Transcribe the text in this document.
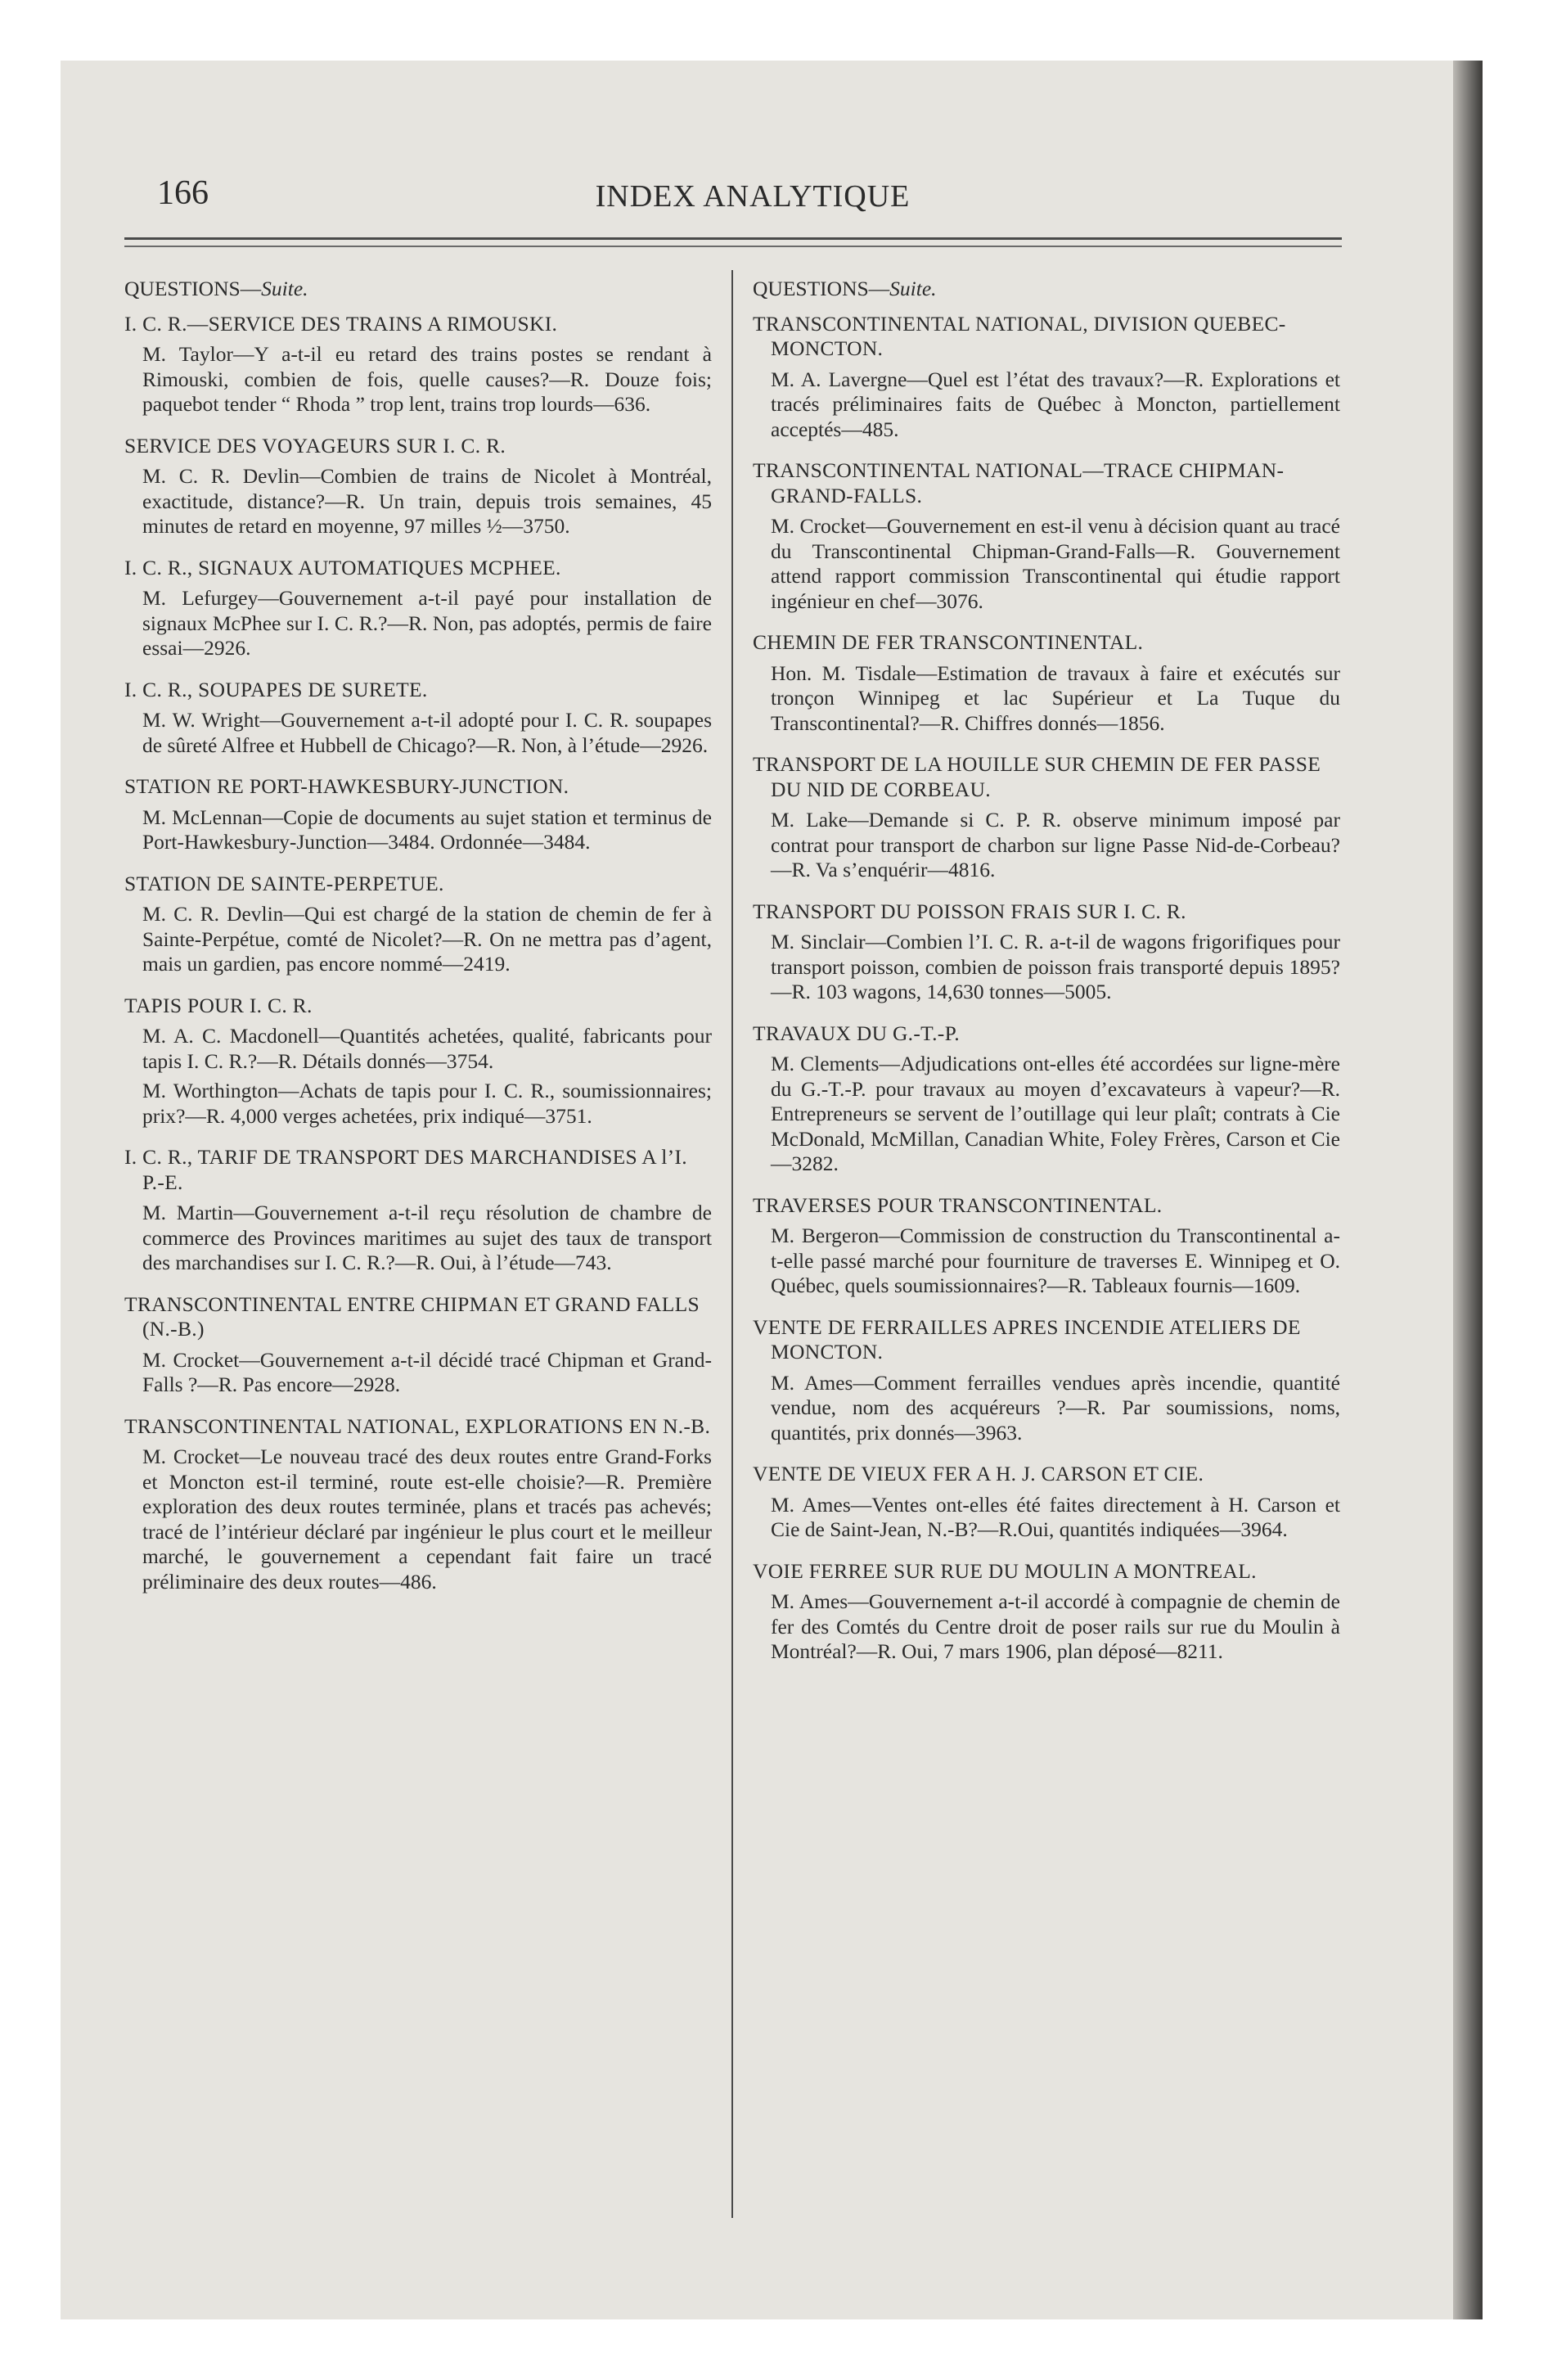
166	INDEX ANALYTIQUE
QUESTIONS—Suite.
I. C. R.—SERVICE DES TRAINS A RIMOUSKI.
M. Taylor—Y a-t-il eu retard des trains postes se rendant à Rimouski, combien de fois, quelle causes?—R. Douze fois; paquebot tender “ Rhoda ” trop lent, trains trop lourds—636.
SERVICE DES VOYAGEURS SUR I. C. R.
M. C. R. Devlin—Combien de trains de Nicolet à Montréal, exactitude, distance?—R. Un train, depuis trois semaines, 45 minutes de retard en moyenne, 97 milles ½—3750.
I. C. R., SIGNAUX AUTOMATIQUES MCPHEE.
M. Lefurgey—Gouvernement a-t-il payé pour installation de signaux McPhee sur I. C. R.?—R. Non, pas adoptés, permis de faire essai—2926.
I. C. R., SOUPAPES DE SURETE.
M. W. Wright—Gouvernement a-t-il adopté pour I. C. R. soupapes de sûreté Alfree et Hubbell de Chicago?—R. Non, à l’étude—2926.
STATION RE PORT-HAWKESBURY-JUNCTION.
M. McLennan—Copie de documents au sujet station et terminus de Port-Hawkesbury-Junction—3484. Ordonnée—3484.
STATION DE SAINTE-PERPETUE.
M. C. R. Devlin—Qui est chargé de la station de chemin de fer à Sainte-Perpétue, comté de Nicolet?—R. On ne mettra pas d’agent, mais un gardien, pas encore nommé—2419.
TAPIS POUR I. C. R.
M. A. C. Macdonell—Quantités achetées, qualité, fabricants pour tapis I. C. R.?—R. Détails donnés—3754.
M. Worthington—Achats de tapis pour I. C. R., soumissionnaires; prix?—R. 4,000 verges achetées, prix indiqué—3751.
I. C. R., TARIF DE TRANSPORT DES MARCHANDISES A l’I. P.-E.
M. Martin—Gouvernement a-t-il reçu résolution de chambre de commerce des Provinces maritimes au sujet des taux de transport des marchandises sur I. C. R.?—R. Oui, à l’étude—743.
TRANSCONTINENTAL ENTRE CHIPMAN ET GRAND FALLS (N.-B.)
M. Crocket—Gouvernement a-t-il décidé tracé Chipman et Grand-Falls ?—R. Pas encore—2928.
TRANSCONTINENTAL NATIONAL, EXPLORATIONS EN N.-B.
M. Crocket—Le nouveau tracé des deux routes entre Grand-Forks et Moncton est-il terminé, route est-elle choisie?—R. Première exploration des deux routes terminée, plans et tracés pas achevés; tracé de l’intérieur déclaré par ingénieur le plus court et le meilleur marché, le gouvernement a cependant fait faire un tracé préliminaire des deux routes—486.
QUESTIONS—Suite.
TRANSCONTINENTAL NATIONAL, DIVISION QUEBEC-MONCTON.
M. A. Lavergne—Quel est l’état des travaux?—R. Explorations et tracés préliminaires faits de Québec à Moncton, partiellement acceptés—485.
TRANSCONTINENTAL NATIONAL—TRACE CHIPMAN-GRAND-FALLS.
M. Crocket—Gouvernement en est-il venu à décision quant au tracé du Transcontinental Chipman-Grand-Falls—R. Gouvernement attend rapport commission Transcontinental qui étudie rapport ingénieur en chef—3076.
CHEMIN DE FER TRANSCONTINENTAL.
Hon. M. Tisdale—Estimation de travaux à faire et exécutés sur tronçon Winnipeg et lac Supérieur et La Tuque du Transcontinental?—R. Chiffres donnés—1856.
TRANSPORT DE LA HOUILLE SUR CHEMIN DE FER PASSE DU NID DE CORBEAU.
M. Lake—Demande si C. P. R. observe minimum imposé par contrat pour transport de charbon sur ligne Passe Nid-de-Corbeau?—R. Va s’enquérir—4816.
TRANSPORT DU POISSON FRAIS SUR I. C. R.
M. Sinclair—Combien l’I. C. R. a-t-il de wagons frigorifiques pour transport poisson, combien de poisson frais transporté depuis 1895?—R. 103 wagons, 14,630 tonnes—5005.
TRAVAUX DU G.-T.-P.
M. Clements—Adjudications ont-elles été accordées sur ligne-mère du G.-T.-P. pour travaux au moyen d’excavateurs à vapeur?—R. Entrepreneurs se servent de l’outillage qui leur plaît; contrats à Cie McDonald, McMillan, Canadian White, Foley Frères, Carson et Cie—3282.
TRAVERSES POUR TRANSCONTINENTAL.
M. Bergeron—Commission de construction du Transcontinental a-t-elle passé marché pour fourniture de traverses E. Winnipeg et O. Québec, quels soumissionnaires?—R. Tableaux fournis—1609.
VENTE DE FERRAILLES APRES INCENDIE ATELIERS DE MONCTON.
M. Ames—Comment ferrailles vendues après incendie, quantité vendue, nom des acquéreurs ?—R. Par soumissions, noms, quantités, prix donnés—3963.
VENTE DE VIEUX FER A H. J. CARSON ET CIE.
M. Ames—Ventes ont-elles été faites directement à H. Carson et Cie de Saint-Jean, N.-B?—R.Oui, quantités indiquées—3964.
VOIE FERREE SUR RUE DU MOULIN A MONTREAL.
M. Ames—Gouvernement a-t-il accordé à compagnie de chemin de fer des Comtés du Centre droit de poser rails sur rue du Moulin à Montréal?—R. Oui, 7 mars 1906, plan déposé—8211.
